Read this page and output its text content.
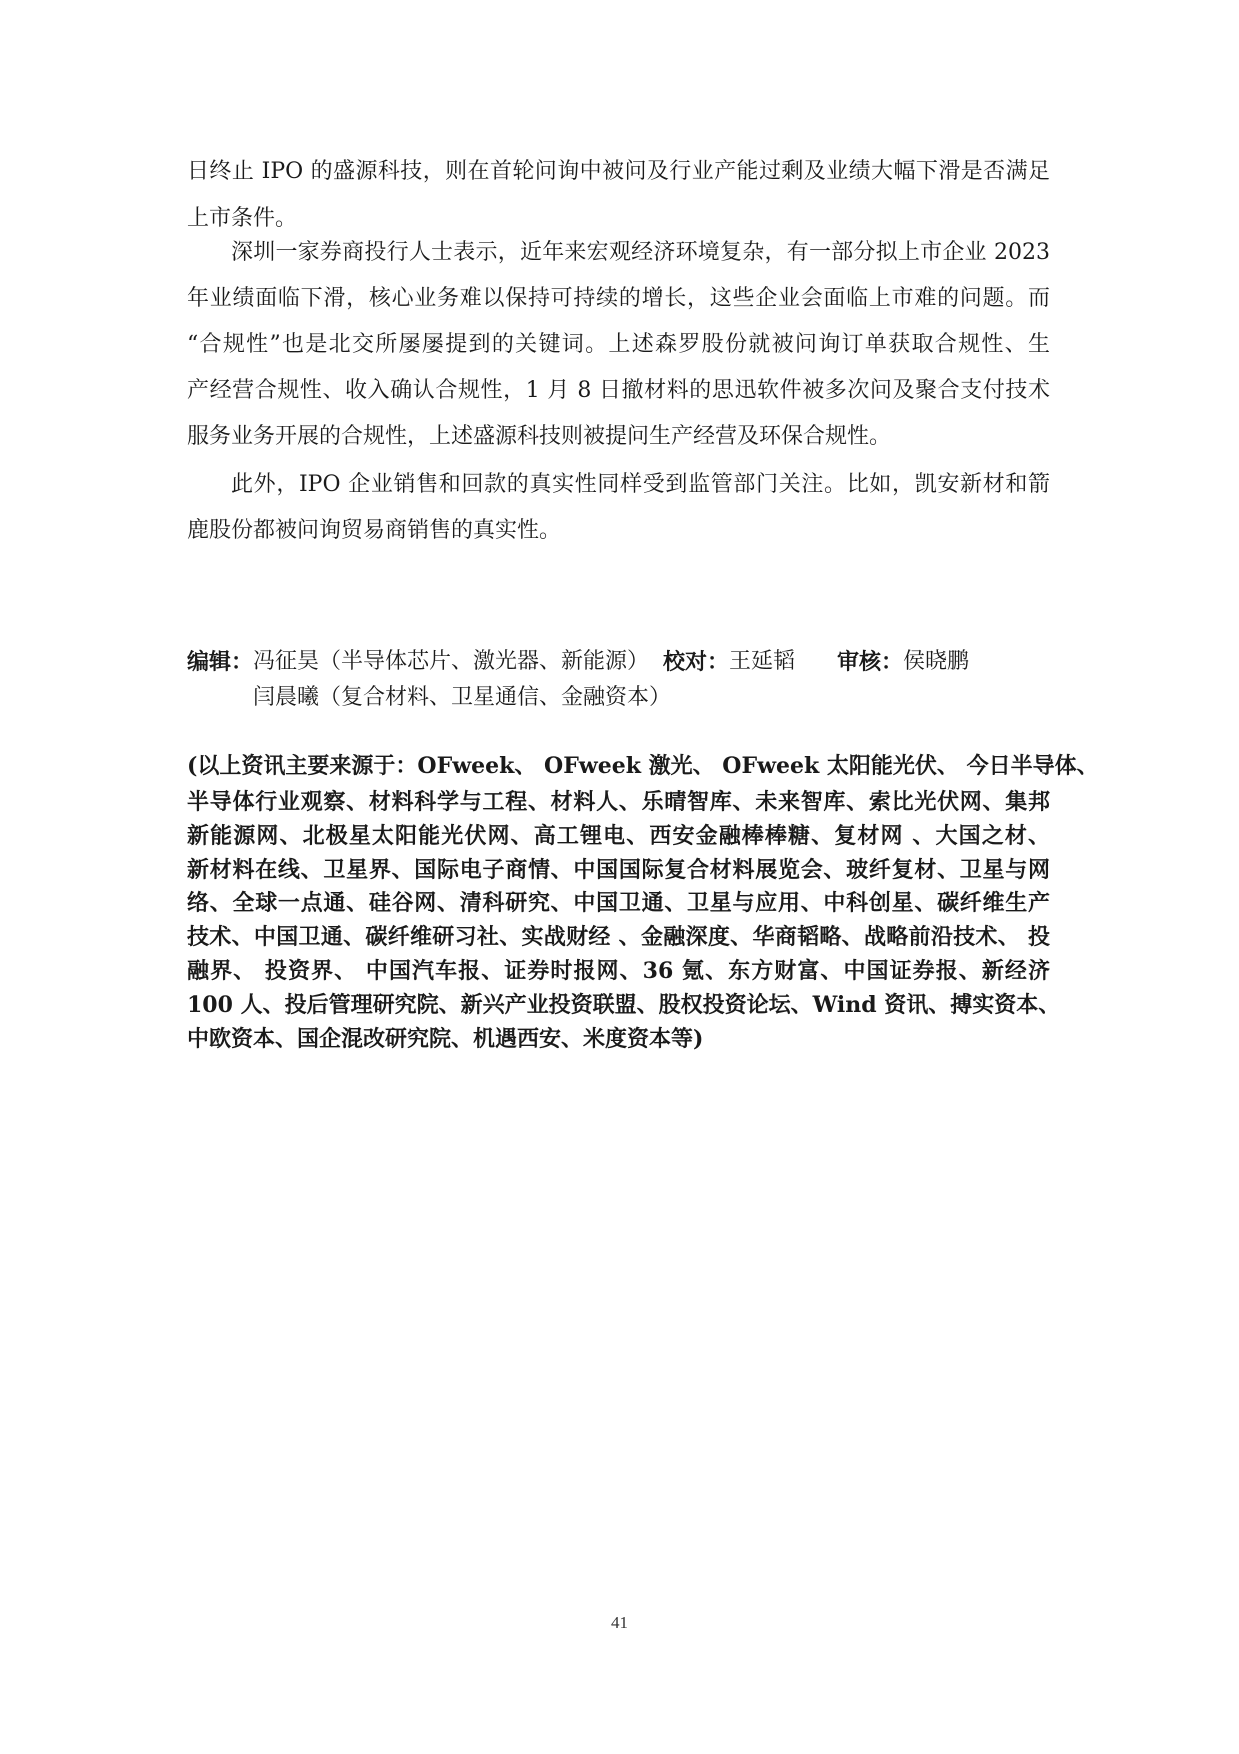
日终止 IPO 的盛源科技，则在首轮问询中被问及行业产能过剩及业绩大幅下滑是否满足
上市条件。
深圳一家券商投行人士表示，近年来宏观经济环境复杂，有一部分拟上市企业 2023
年业绩面临下滑，核心业务难以保持可持续的增长，这些企业会面临上市难的问题。而
“合规性”也是北交所屡屡提到的关键词。上述森罗股份就被问询订单获取合规性、生
产经营合规性、收入确认合规性，1 月 8 日撤材料的思迅软件被多次问及聚合支付技术
服务业务开展的合规性，上述盛源科技则被提问生产经营及环保合规性。
此外，IPO 企业销售和回款的真实性同样受到监管部门关注。比如，凯安新材和箭
鹿股份都被问询贸易商销售的真实性。
编辑： 冯征昊（半导体芯片、激光器、新能源） 校对： 王延韬 审核： 侯晓鹏
闫晨曦（复合材料、卫星通信、金融资本）
(以上资讯主要来源于：OFweek、 OFweek 激光、 OFweek 太阳能光伏、 今日半导体、
半导体行业观察、材料科学与工程、材料人、乐晴智库、未来智库、索比光伏网、集邦
新能源网、北极星太阳能光伏网、高工锂电、西安金融棒棒糖、复材网 、大国之材、
新材料在线、卫星界、国际电子商情、中国国际复合材料展览会、玻纤复材、卫星与网
络、全球一点通、硅谷网、清科研究、中国卫通、卫星与应用、中科创星、碳纤维生产
技术、中国卫通、碳纤维研习社、实战财经 、金融深度、华商韬略、战略前沿技术、 投
融界、 投资界、 中国汽车报、证券时报网、36 氪、东方财富、中国证券报、新经济
100 人、投后管理研究院、新兴产业投资联盟、股权投资论坛、Wind 资讯、搏实资本、
中欧资本、国企混改研究院、机遇西安、米度资本等)
41
